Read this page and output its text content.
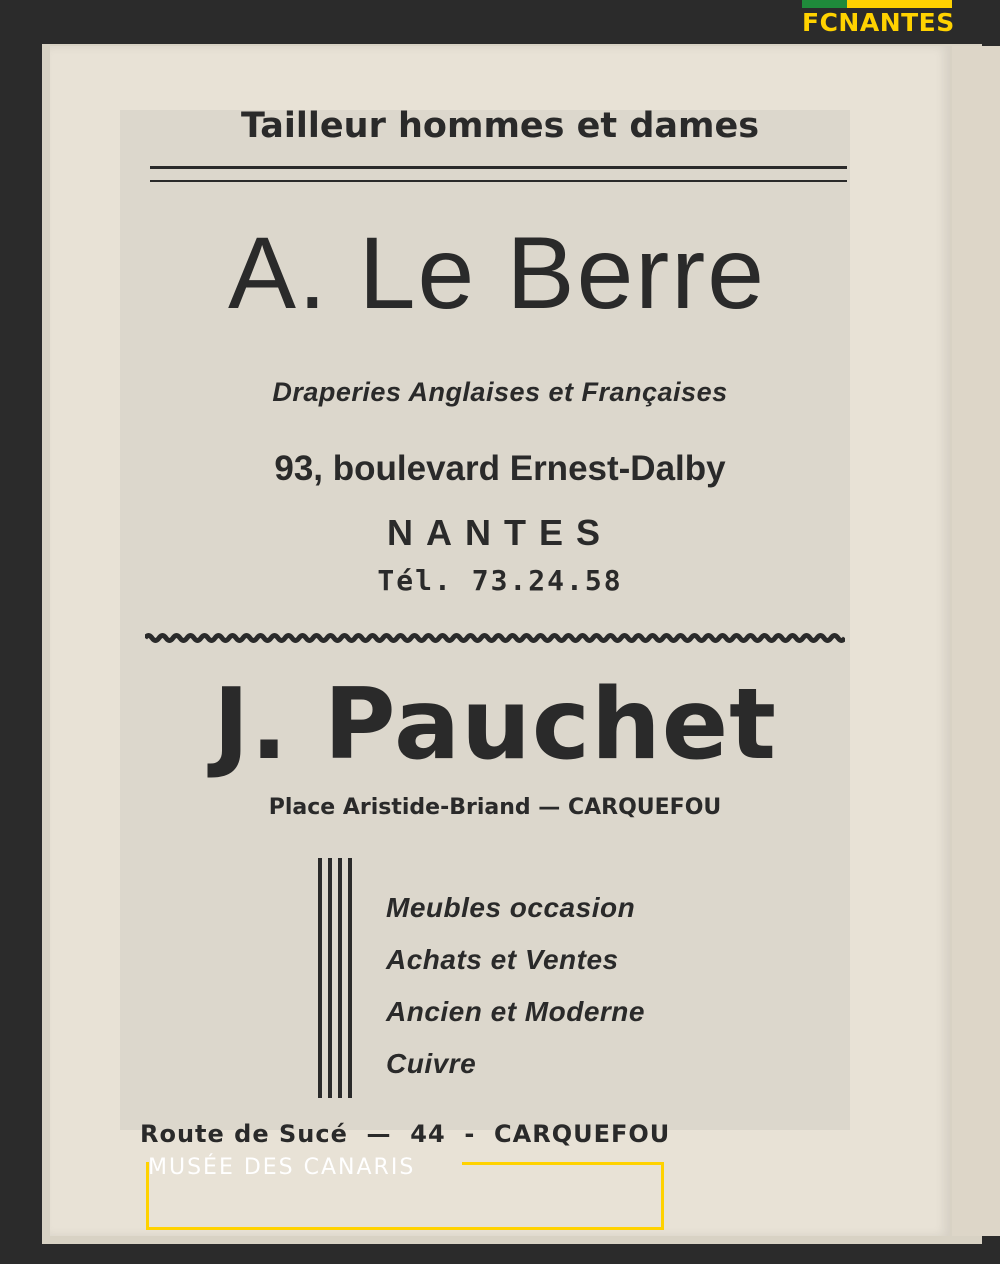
FCNANTES
Tailleur hommes et dames
A. Le Berre
Draperies Anglaises et Françaises
93, boulevard Ernest-Dalby
NANTES
Tél. 73.24.58
J. Pauchet
Place Aristide-Briand — CARQUEFOU
Meubles occasion
Achats et Ventes
Ancien et Moderne
Cuivre
Route de Sucé  —  44  -  CARQUEFOU
MUSÉE DES CANARIS
